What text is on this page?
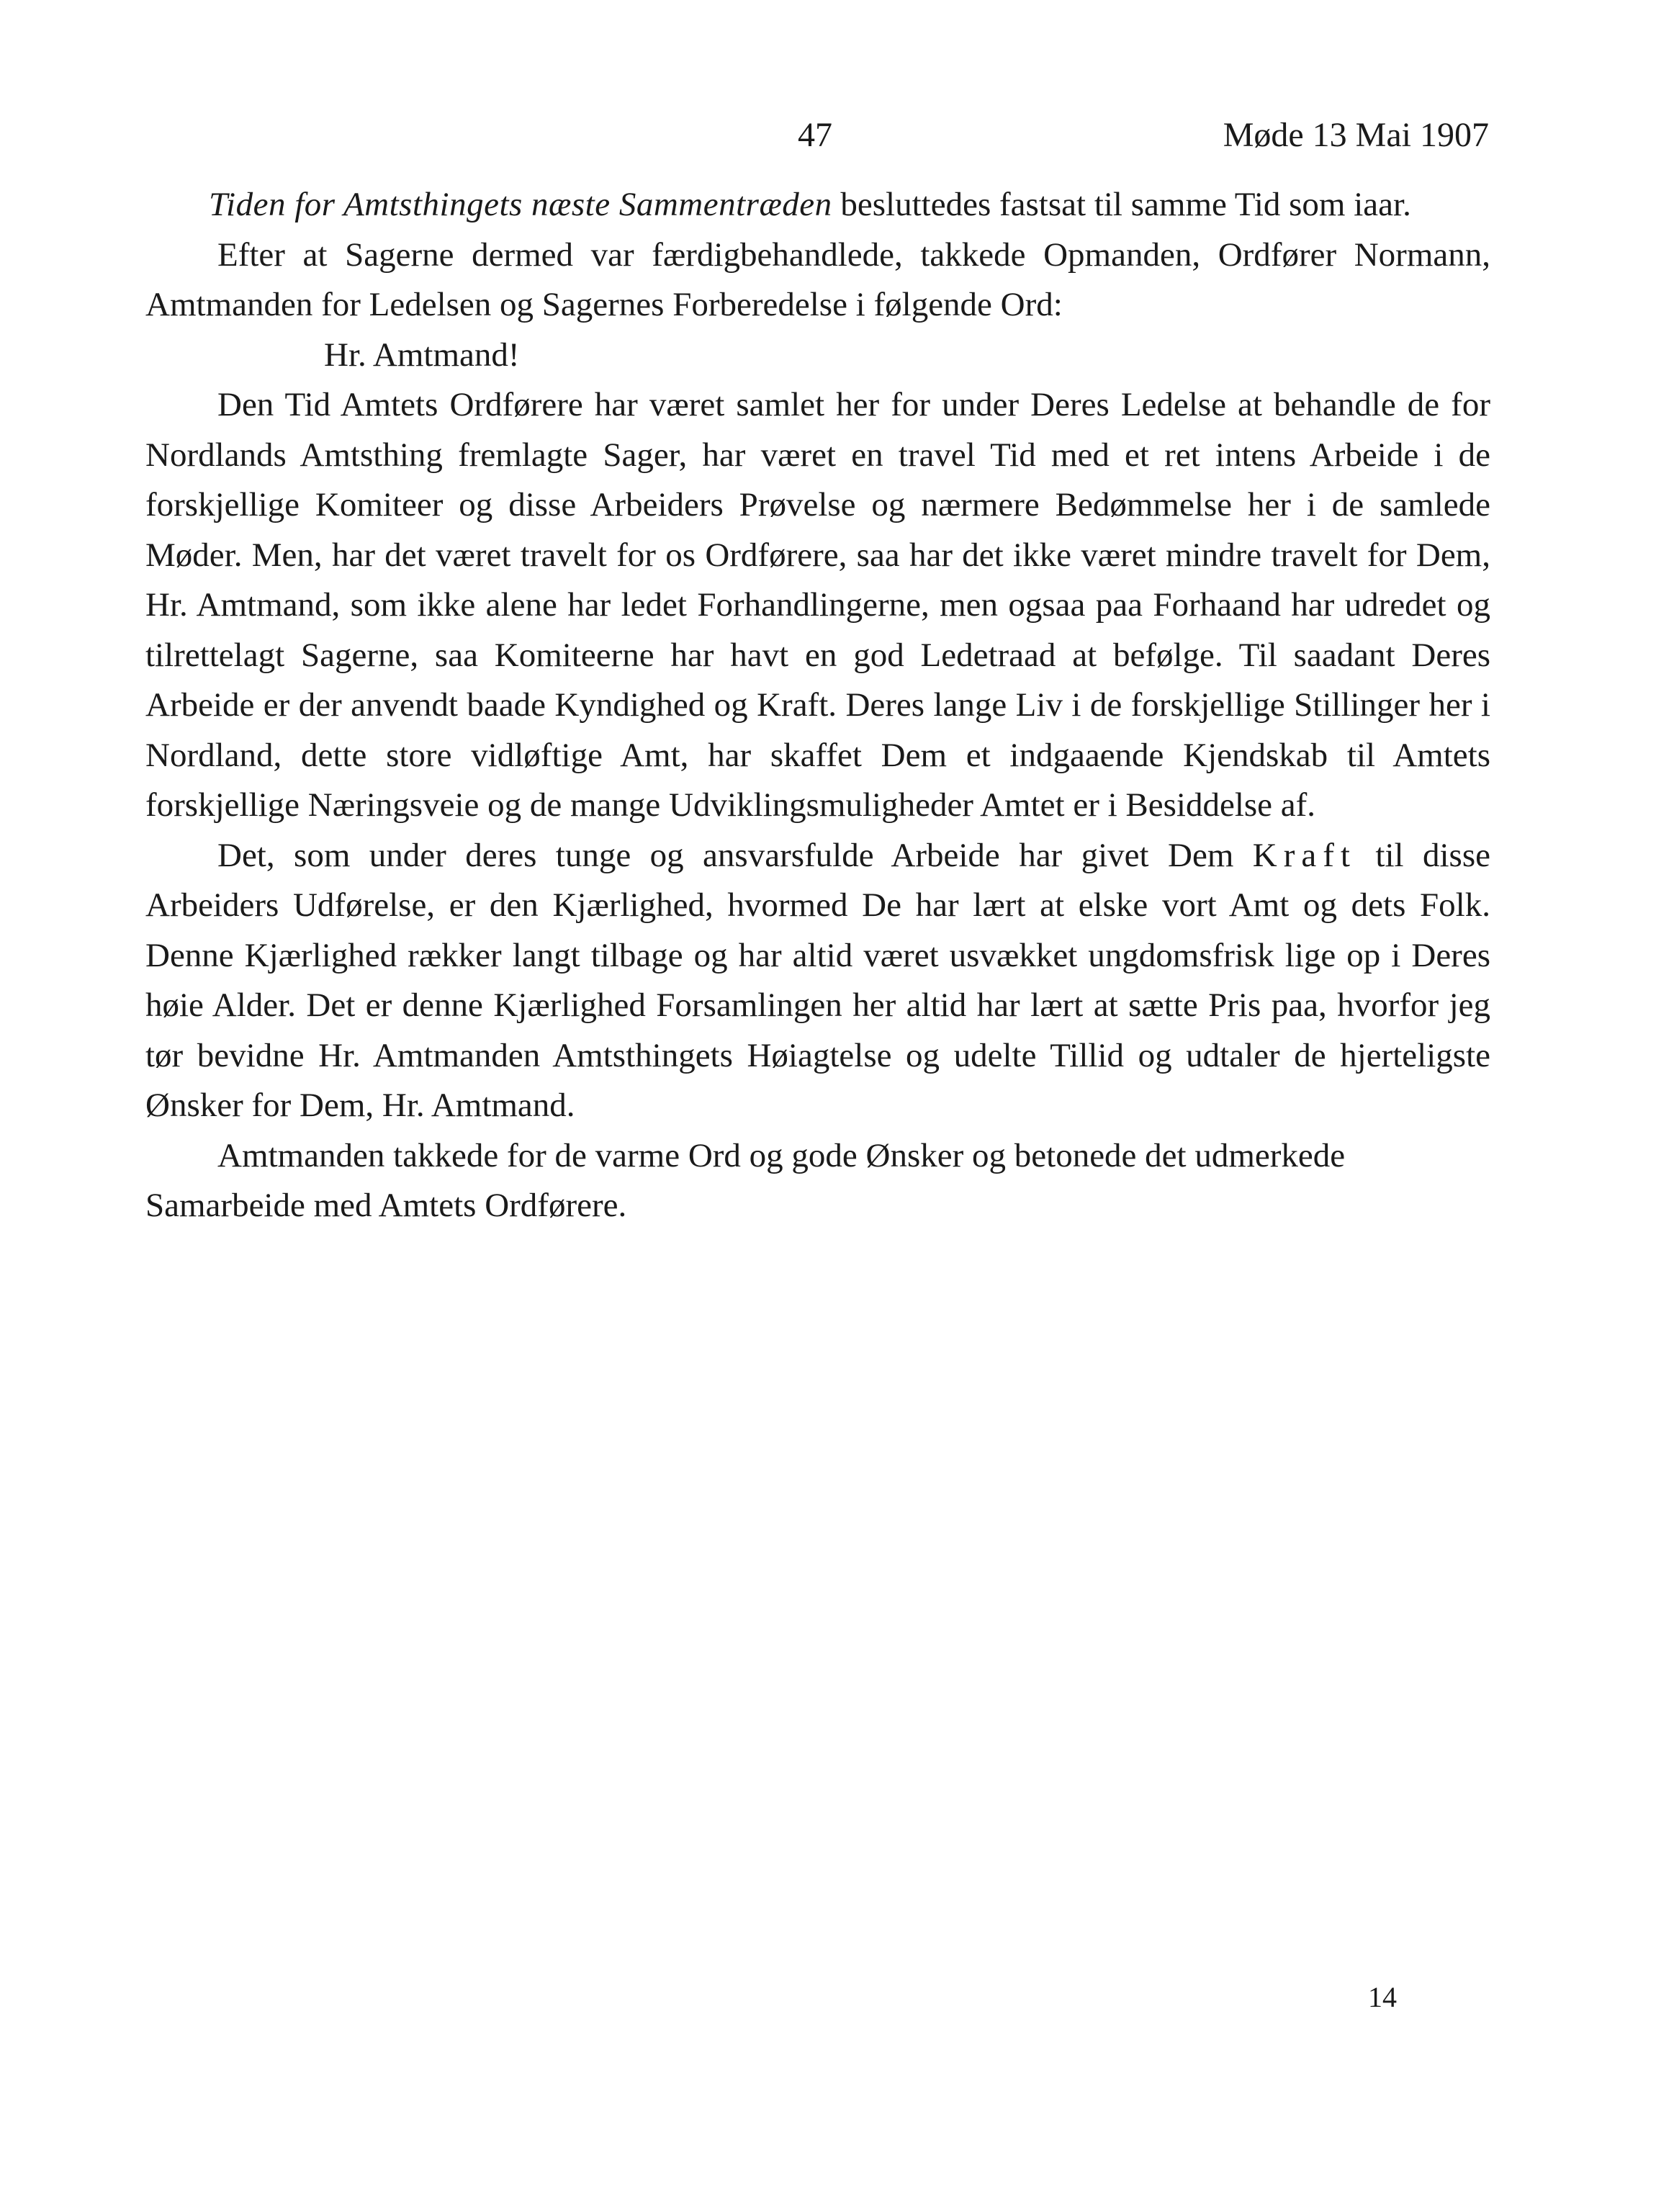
47	Møde 13 Mai 1907

Tiden for Amtsthingets næste Sammentræden besluttedes fastsat til samme Tid som iaar.

Efter at Sagerne dermed var færdigbehandlede, takkede Opmanden, Ordfører Normann, Amtmanden for Ledelsen og Sagernes Forberedelse i følgende Ord:

Hr. Amtmand!

Den Tid Amtets Ordførere har været samlet her for under Deres Ledelse at behandle de for Nordlands Amtsthing fremlagte Sager, har været en travel Tid med et ret intens Arbeide i de forskjellige Komiteer og disse Arbeiders Prøvelse og nærmere Bedømmelse her i de samlede Møder. Men, har det været travelt for os Ordførere, saa har det ikke været mindre travelt for Dem, Hr. Amtmand, som ikke alene har ledet Forhandlingerne, men ogsaa paa Forhaand har udredet og tilrettelagt Sagerne, saa Komiteerne har havt en god Ledetraad at befølge. Til saadant Deres Arbeide er der anvendt baade Kyndighed og Kraft. Deres lange Liv i de forskjellige Stillinger her i Nordland, dette store vidløftige Amt, har skaffet Dem et indgaaende Kjendskab til Amtets forskjellige Næringsveie og de mange Udviklingsmuligheder Amtet er i Besiddelse af.

Det, som under deres tunge og ansvarsfulde Arbeide har givet Dem Kraft til disse Arbeiders Udførelse, er den Kjærlighed, hvormed De har lært at elske vort Amt og dets Folk. Denne Kjærlighed rækker langt tilbage og har altid været usvækket ungdomsfrisk lige op i Deres høie Alder. Det er denne Kjærlighed Forsamlingen her altid har lært at sætte Pris paa, hvorfor jeg tør bevidne Hr. Amtmanden Amtsthingets Høiagtelse og udelte Tillid og udtaler de hjerteligste Ønsker for Dem, Hr. Amtmand.

Amtmanden takkede for de varme Ord og gode Ønsker og betonede det udmerkede Samarbeide med Amtets Ordførere.

14
